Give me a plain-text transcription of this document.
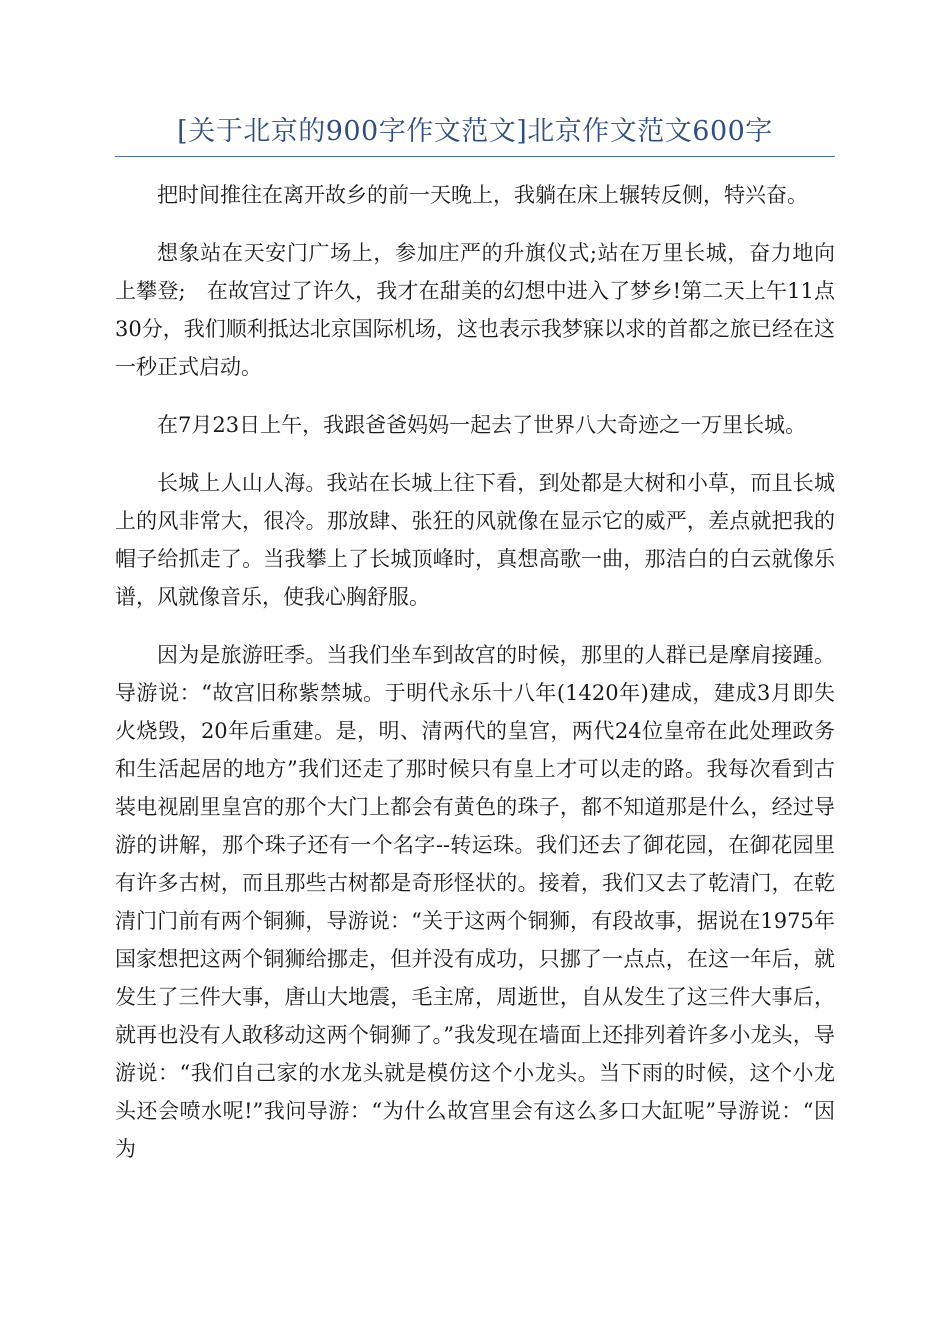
[关于北京的900字作文范文]北京作文范文600字

把时间推往在离开故乡的前一天晚上，我躺在床上辗转反侧，特兴奋。

想象站在天安门广场上，参加庄严的升旗仪式;站在万里长城，奋力地向上攀登;　在故宫过了许久，我才在甜美的幻想中进入了梦乡!第二天上午11点30分，我们顺利抵达北京国际机场，这也表示我梦寐以求的首都之旅已经在这一秒正式启动。

在7月23日上午，我跟爸爸妈妈一起去了世界八大奇迹之一万里长城。

长城上人山人海。我站在长城上往下看，到处都是大树和小草，而且长城上的风非常大，很冷。那放肆、张狂的风就像在显示它的威严，差点就把我的帽子给抓走了。当我攀上了长城顶峰时，真想高歌一曲，那洁白的白云就像乐谱，风就像音乐，使我心胸舒服。

因为是旅游旺季。当我们坐车到故宫的时候，那里的人群已是摩肩接踵。导游说：“故宫旧称紫禁城。于明代永乐十八年(1420年)建成，建成3月即失火烧毁，20年后重建。是，明、清两代的皇宫，两代24位皇帝在此处理政务和生活起居的地方”我们还走了那时候只有皇上才可以走的路。我每次看到古装电视剧里皇宫的那个大门上都会有黄色的珠子，都不知道那是什么，经过导游的讲解，那个珠子还有一个名字--转运珠。我们还去了御花园，在御花园里有许多古树，而且那些古树都是奇形怪状的。接着，我们又去了乾清门，在乾清门门前有两个铜狮，导游说：“关于这两个铜狮，有段故事，据说在1975年国家想把这两个铜狮给挪走，但并没有成功，只挪了一点点，在这一年后，就发生了三件大事，唐山大地震，毛主席，周逝世，自从发生了这三件大事后，就再也没有人敢移动这两个铜狮了。”我发现在墙面上还排列着许多小龙头，导游说：“我们自己家的水龙头就是模仿这个小龙头。当下雨的时候，这个小龙头还会喷水呢!”我问导游：“为什么故宫里会有这么多口大缸呢”导游说：“因为
